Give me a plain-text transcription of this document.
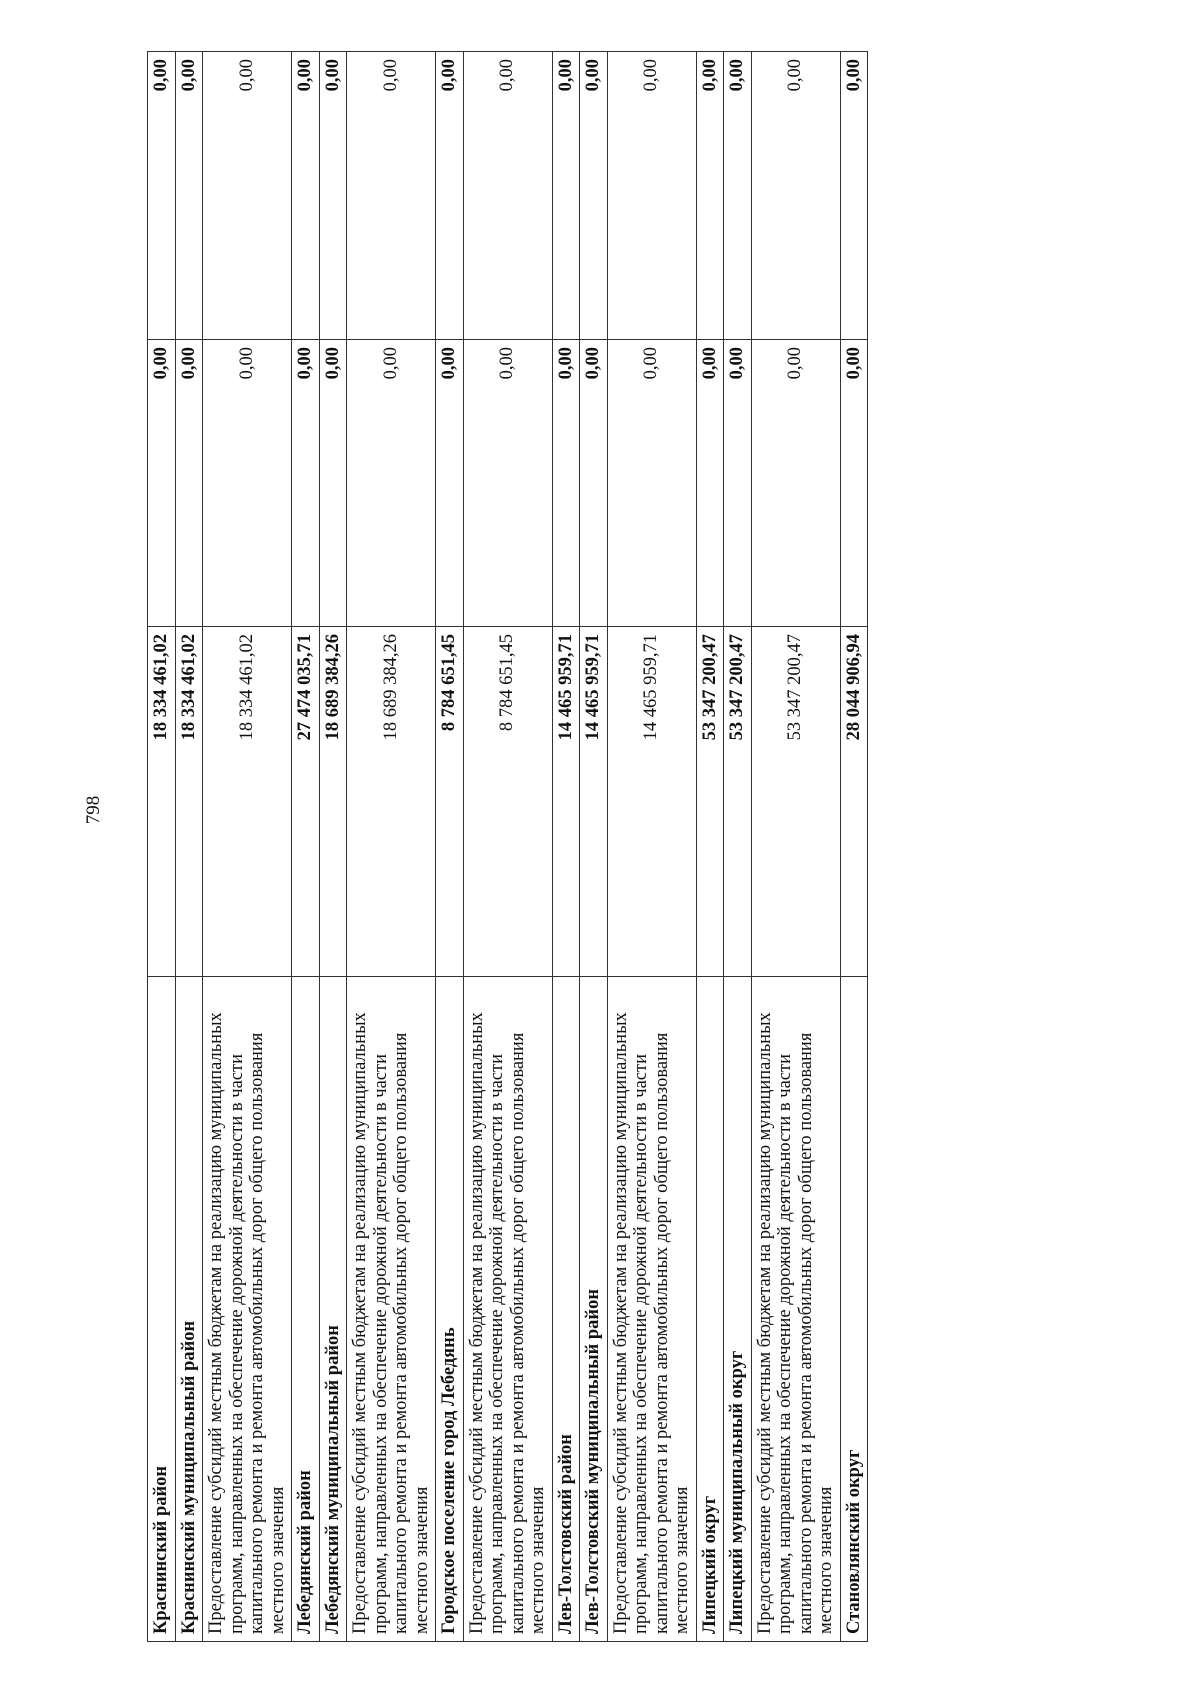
798
Краснинский район	18 334 461,02	0,00	0,00
Краснинский муниципальный район	18 334 461,02	0,00	0,00
Предоставление субсидий местным бюджетам на реализацию муниципальных программ, направленных на обеспечение дорожной деятельности в части капитального ремонта и ремонта автомобильных дорог общего пользования местного значения	18 334 461,02	0,00	0,00
Лебедянский район	27 474 035,71	0,00	0,00
Лебедянский муниципальный район	18 689 384,26	0,00	0,00
Предоставление субсидий местным бюджетам на реализацию муниципальных программ, направленных на обеспечение дорожной деятельности в части капитального ремонта и ремонта автомобильных дорог общего пользования местного значения	18 689 384,26	0,00	0,00
Городское поселение город Лебедянь	8 784 651,45	0,00	0,00
Предоставление субсидий местным бюджетам на реализацию муниципальных программ, направленных на обеспечение дорожной деятельности в части капитального ремонта и ремонта автомобильных дорог общего пользования местного значения	8 784 651,45	0,00	0,00
Лев-Толстовский район	14 465 959,71	0,00	0,00
Лев-Толстовский муниципальный район	14 465 959,71	0,00	0,00
Предоставление субсидий местным бюджетам на реализацию муниципальных программ, направленных на обеспечение дорожной деятельности в части капитального ремонта и ремонта автомобильных дорог общего пользования местного значения	14 465 959,71	0,00	0,00
Липецкий округ	53 347 200,47	0,00	0,00
Липецкий муниципальный округ	53 347 200,47	0,00	0,00
Предоставление субсидий местным бюджетам на реализацию муниципальных программ, направленных на обеспечение дорожной деятельности в части капитального ремонта и ремонта автомобильных дорог общего пользования местного значения	53 347 200,47	0,00	0,00
Становлянский округ	28 044 906,94	0,00	0,00
